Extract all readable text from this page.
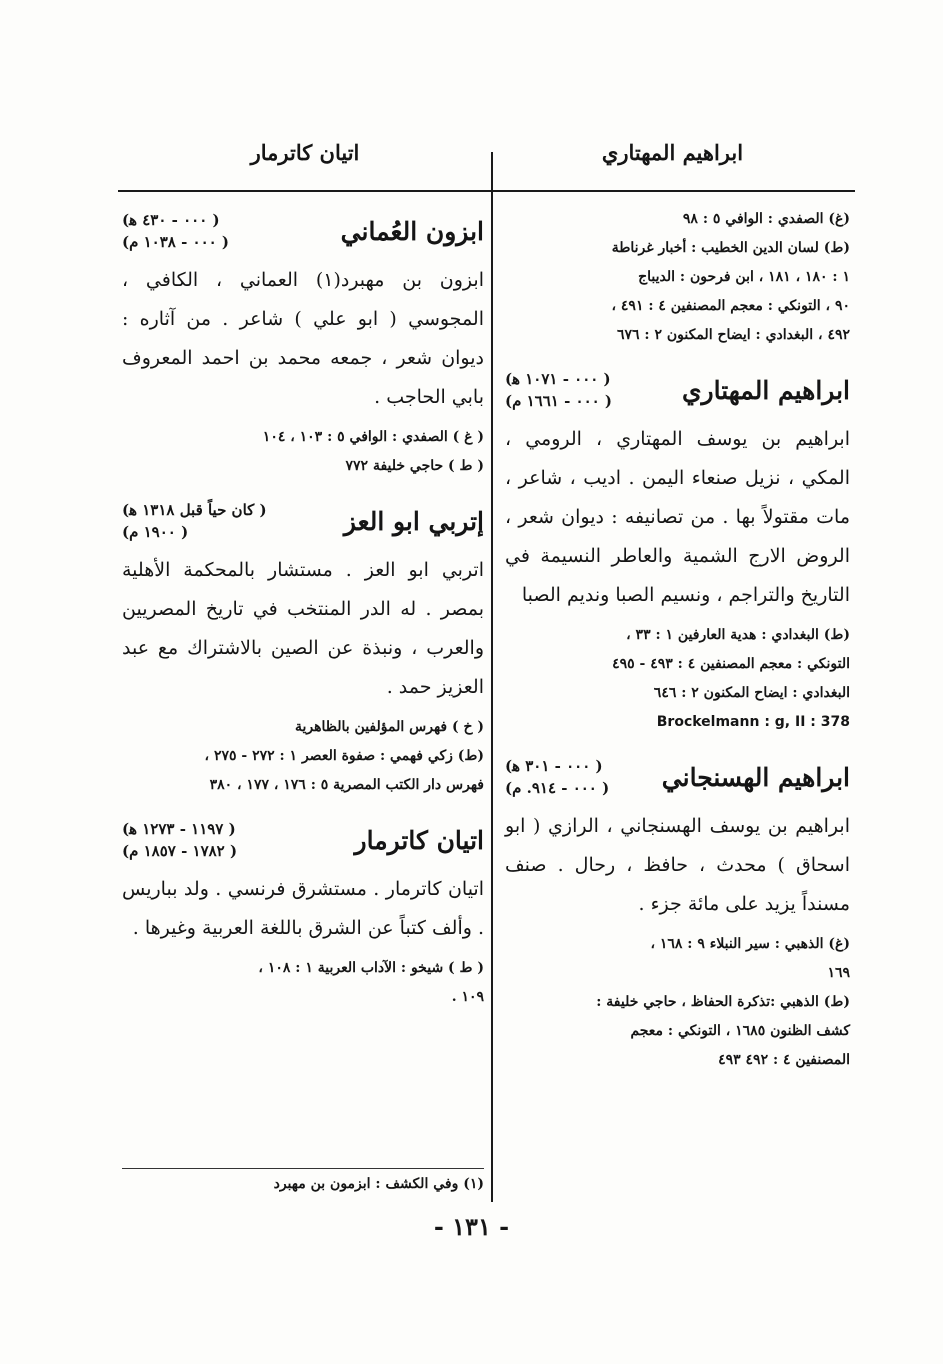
ابراهيم المهتاري
اتيان كاترمار

(غ) الصفدي : الوافي ٥ : ٩٨

(ط) لسان الدين الخطيب : أخبار غرناطة

١ : ١٨٠ ، ١٨١ ، ابن فرحون : الديباج

٩٠ ، التونكي : معجم المصنفين ٤ : ٤٩١ ،

٤٩٢ ، البغدادي : ايضاح المكنون ٢ : ٦٧٦

ابراهيم المهتاري
( ٠٠٠ - ١٠٧١ ﻫ)
( ٠٠٠ - ١٦٦١ م)

ابراهيم بن يوسف المهتاري ، الرومي ، المكي ، نزيل صنعاء اليمن . اديب ، شاعر ، مات مقتولاً بها . من تصانيفه : ديوان شعر ، الروض الارج الشمية والعاطر النسيمة في التاريخ والتراجم ، ونسيم الصبا ونديم الصبا

(ط) البغدادي : هدية العارفين ١ : ٣٣ ،

التونكي : معجم المصنفين ٤ : ٤٩٣ - ٤٩٥

البغدادي : ايضاح المكنون ٢ : ٦٤٦

Brockelmann : g, II : 378

ابراهيم الهسنجاني
( ٠٠٠ - ٣٠١ ﻫ)
( ٠٠٠ - ٩١٤. م)

ابراهيم بن يوسف الهسنجاني ، الرازي ( ابو اسحاق ) محدث ، حافظ ، رحال . صنف مسنداً يزيد على مائة جزء .

(غ) الذهبي : سير النبلاء ٩ : ١٦٨ ،

١٦٩

(ط) الذهبي :تذكرة الحفاظ ، حاجي خليفة :

كشف الظنون ١٦٨٥ ، التونكي : معجم

المصنفين ٤ : ٤٩٢ ٤٩٣

ابزون العُماني
( ٠٠٠ - ٤٣٠ ﻫ)
( ٠٠٠ - ١٠٣٨ م)

ابزون بن مهبرد(١) العماني ، الكافي ، المجوسي ( ابو علي ) شاعر . من آثاره : ديوان شعر ، جمعه محمد بن احمد المعروف بابي الحاجب .

( غ ) الصفدي : الوافي ٥ : ١٠٣ ، ١٠٤

( ط ) حاجي خليفة ٧٧٢

إتربي ابو العز
( كان حياً قبل ١٣١٨ ﻫ)
( ١٩٠٠ م)

اتربي ابو العز . مستشار بالمحكمة الأهلية بمصر . له الدر المنتخب في تاريخ المصريين والعرب ، ونبذة عن الصين بالاشتراك مع عبد العزيز حمد .

( خ ) فهرس المؤلفين بالظاهرية

(ط) زكي فهمي : صفوة العصر ١ : ٢٧٢ - ٢٧٥ ،

فهرس دار الكتب المصرية ٥ : ١٧٦ ، ١٧٧ ، ٣٨٠

اتيان كاترمار
( ١١٩٧ - ١٢٧٣ ﻫ)
( ١٧٨٢ - ١٨٥٧ م)

اتيان كاترمار . مستشرق فرنسي . ولد بباريس . وألف كتباً عن الشرق باللغة العربية وغيرها .

( ط ) شيخو : الآداب العربية ١ : ١٠٨ ،

١٠٩ .

(١) وفي الكشف : ابزمون بن مهبرد
- ١٣١ -
